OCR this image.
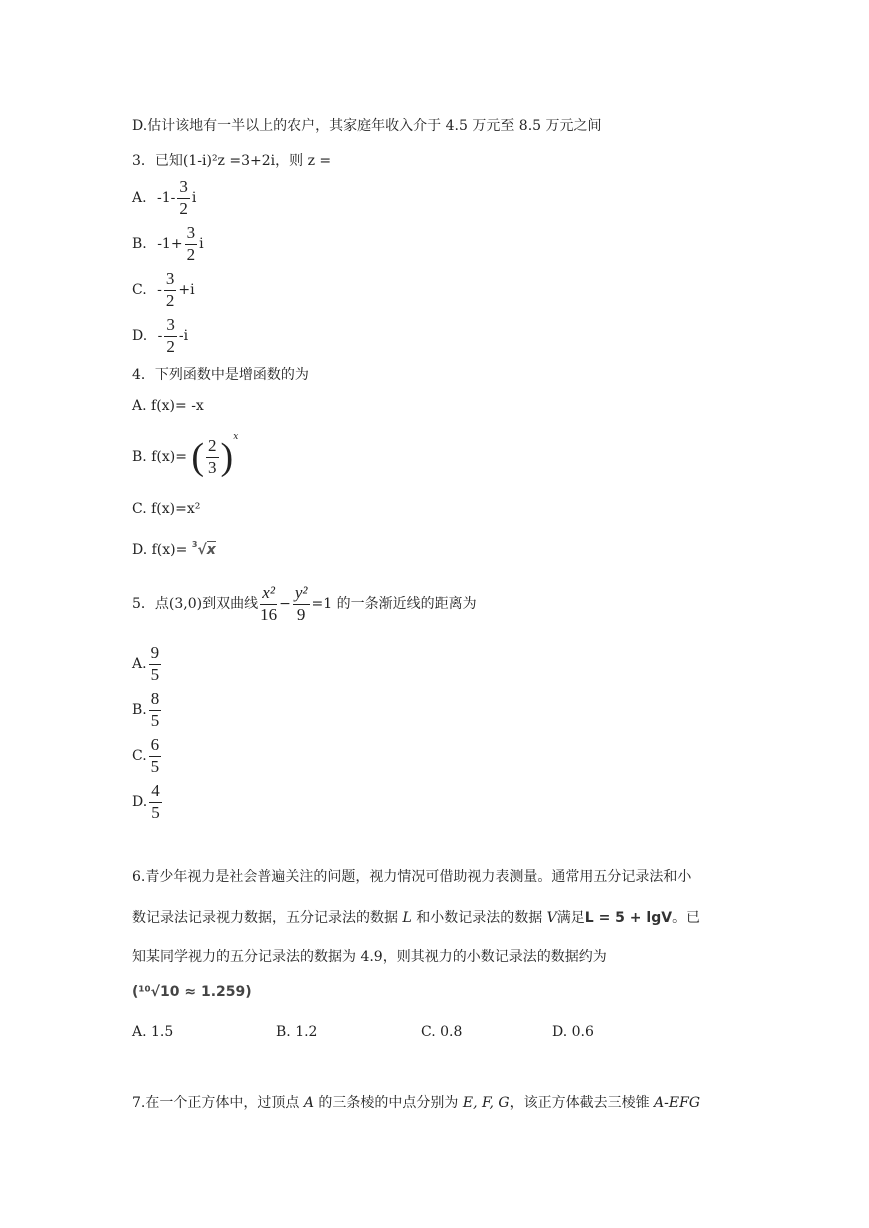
D.估计该地有一半以上的农户，其家庭年收入介于 4.5 万元至 8.5 万元之间
3．已知(1-i)²z =3+2i，则 z =
A. $-1- \frac{3}{2}$ i
B. $-1+ \frac{3}{2}$ i
C. - $\frac{3}{2} +i$
D. - $\frac{3}{2} -i$
4．下列函数中是增函数的为
A. f(x)= -x
B. f(x)= ( $\frac{2}{3} )^x$
C. f(x)=x²
D. f(x)= $^3$√x
5．点(3,0)到双曲线 $\frac{\text{x²}}{16} - \frac{\text{y²}}{9} =1$ 的一条渐近线的距离为
A. $\frac{9}{5}$
B. $\frac{8}{5}$
C. $\frac{6}{5}$
D. $\frac{4}{5}$
6.青少年视力是社会普遍关注的问题，视力情况可借助视力表测量。通常用五分记录法和小
数记录法记录视力数据，五分记录法的数据 L 和小数记录法的数据 V满足L = 5 + lgV。已
知某同学视力的五分记录法的数据为 4.9，则其视力的小数记录法的数据约为
(¹⁰√10 ≈ 1.259)
A. 1.5	B. 1.2	C. 0.8	D. 0.6
7.在一个正方体中，过顶点 A 的三条棱的中点分别为 E, F, G，该正方体截去三棱锥 A-EFG
